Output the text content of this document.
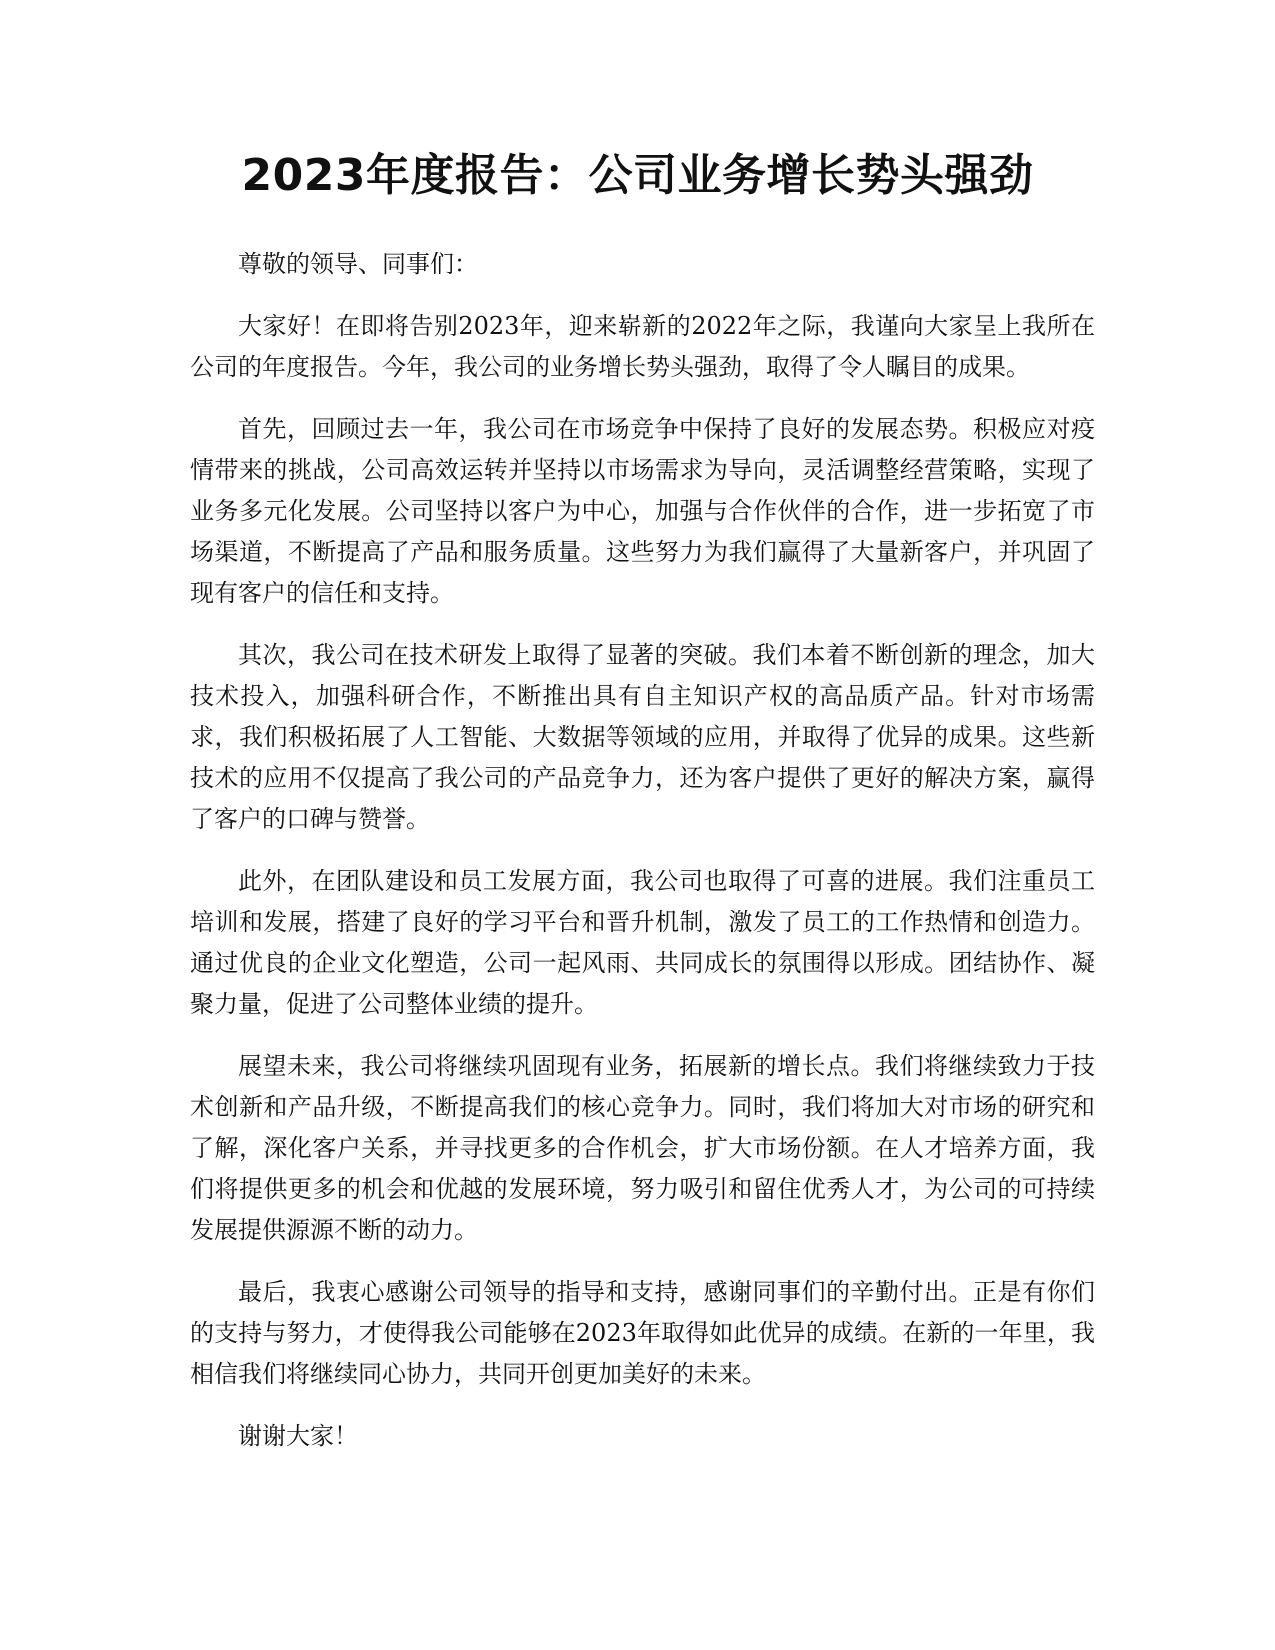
2023年度报告：公司业务增长势头强劲

尊敬的领导、同事们：

大家好！在即将告别2023年，迎来崭新的2022年之际，我谨向大家呈上我所在公司的年度报告。今年，我公司的业务增长势头强劲，取得了令人瞩目的成果。

首先，回顾过去一年，我公司在市场竞争中保持了良好的发展态势。积极应对疫情带来的挑战，公司高效运转并坚持以市场需求为导向，灵活调整经营策略，实现了业务多元化发展。公司坚持以客户为中心，加强与合作伙伴的合作，进一步拓宽了市场渠道，不断提高了产品和服务质量。这些努力为我们赢得了大量新客户，并巩固了现有客户的信任和支持。

其次，我公司在技术研发上取得了显著的突破。我们本着不断创新的理念，加大技术投入，加强科研合作，不断推出具有自主知识产权的高品质产品。针对市场需求，我们积极拓展了人工智能、大数据等领域的应用，并取得了优异的成果。这些新技术的应用不仅提高了我公司的产品竞争力，还为客户提供了更好的解决方案，赢得了客户的口碑与赞誉。

此外，在团队建设和员工发展方面，我公司也取得了可喜的进展。我们注重员工培训和发展，搭建了良好的学习平台和晋升机制，激发了员工的工作热情和创造力。通过优良的企业文化塑造，公司一起风雨、共同成长的氛围得以形成。团结协作、凝聚力量，促进了公司整体业绩的提升。

展望未来，我公司将继续巩固现有业务，拓展新的增长点。我们将继续致力于技术创新和产品升级，不断提高我们的核心竞争力。同时，我们将加大对市场的研究和了解，深化客户关系，并寻找更多的合作机会，扩大市场份额。在人才培养方面，我们将提供更多的机会和优越的发展环境，努力吸引和留住优秀人才，为公司的可持续发展提供源源不断的动力。

最后，我衷心感谢公司领导的指导和支持，感谢同事们的辛勤付出。正是有你们的支持与努力，才使得我公司能够在2023年取得如此优异的成绩。在新的一年里，我相信我们将继续同心协力，共同开创更加美好的未来。

谢谢大家！
